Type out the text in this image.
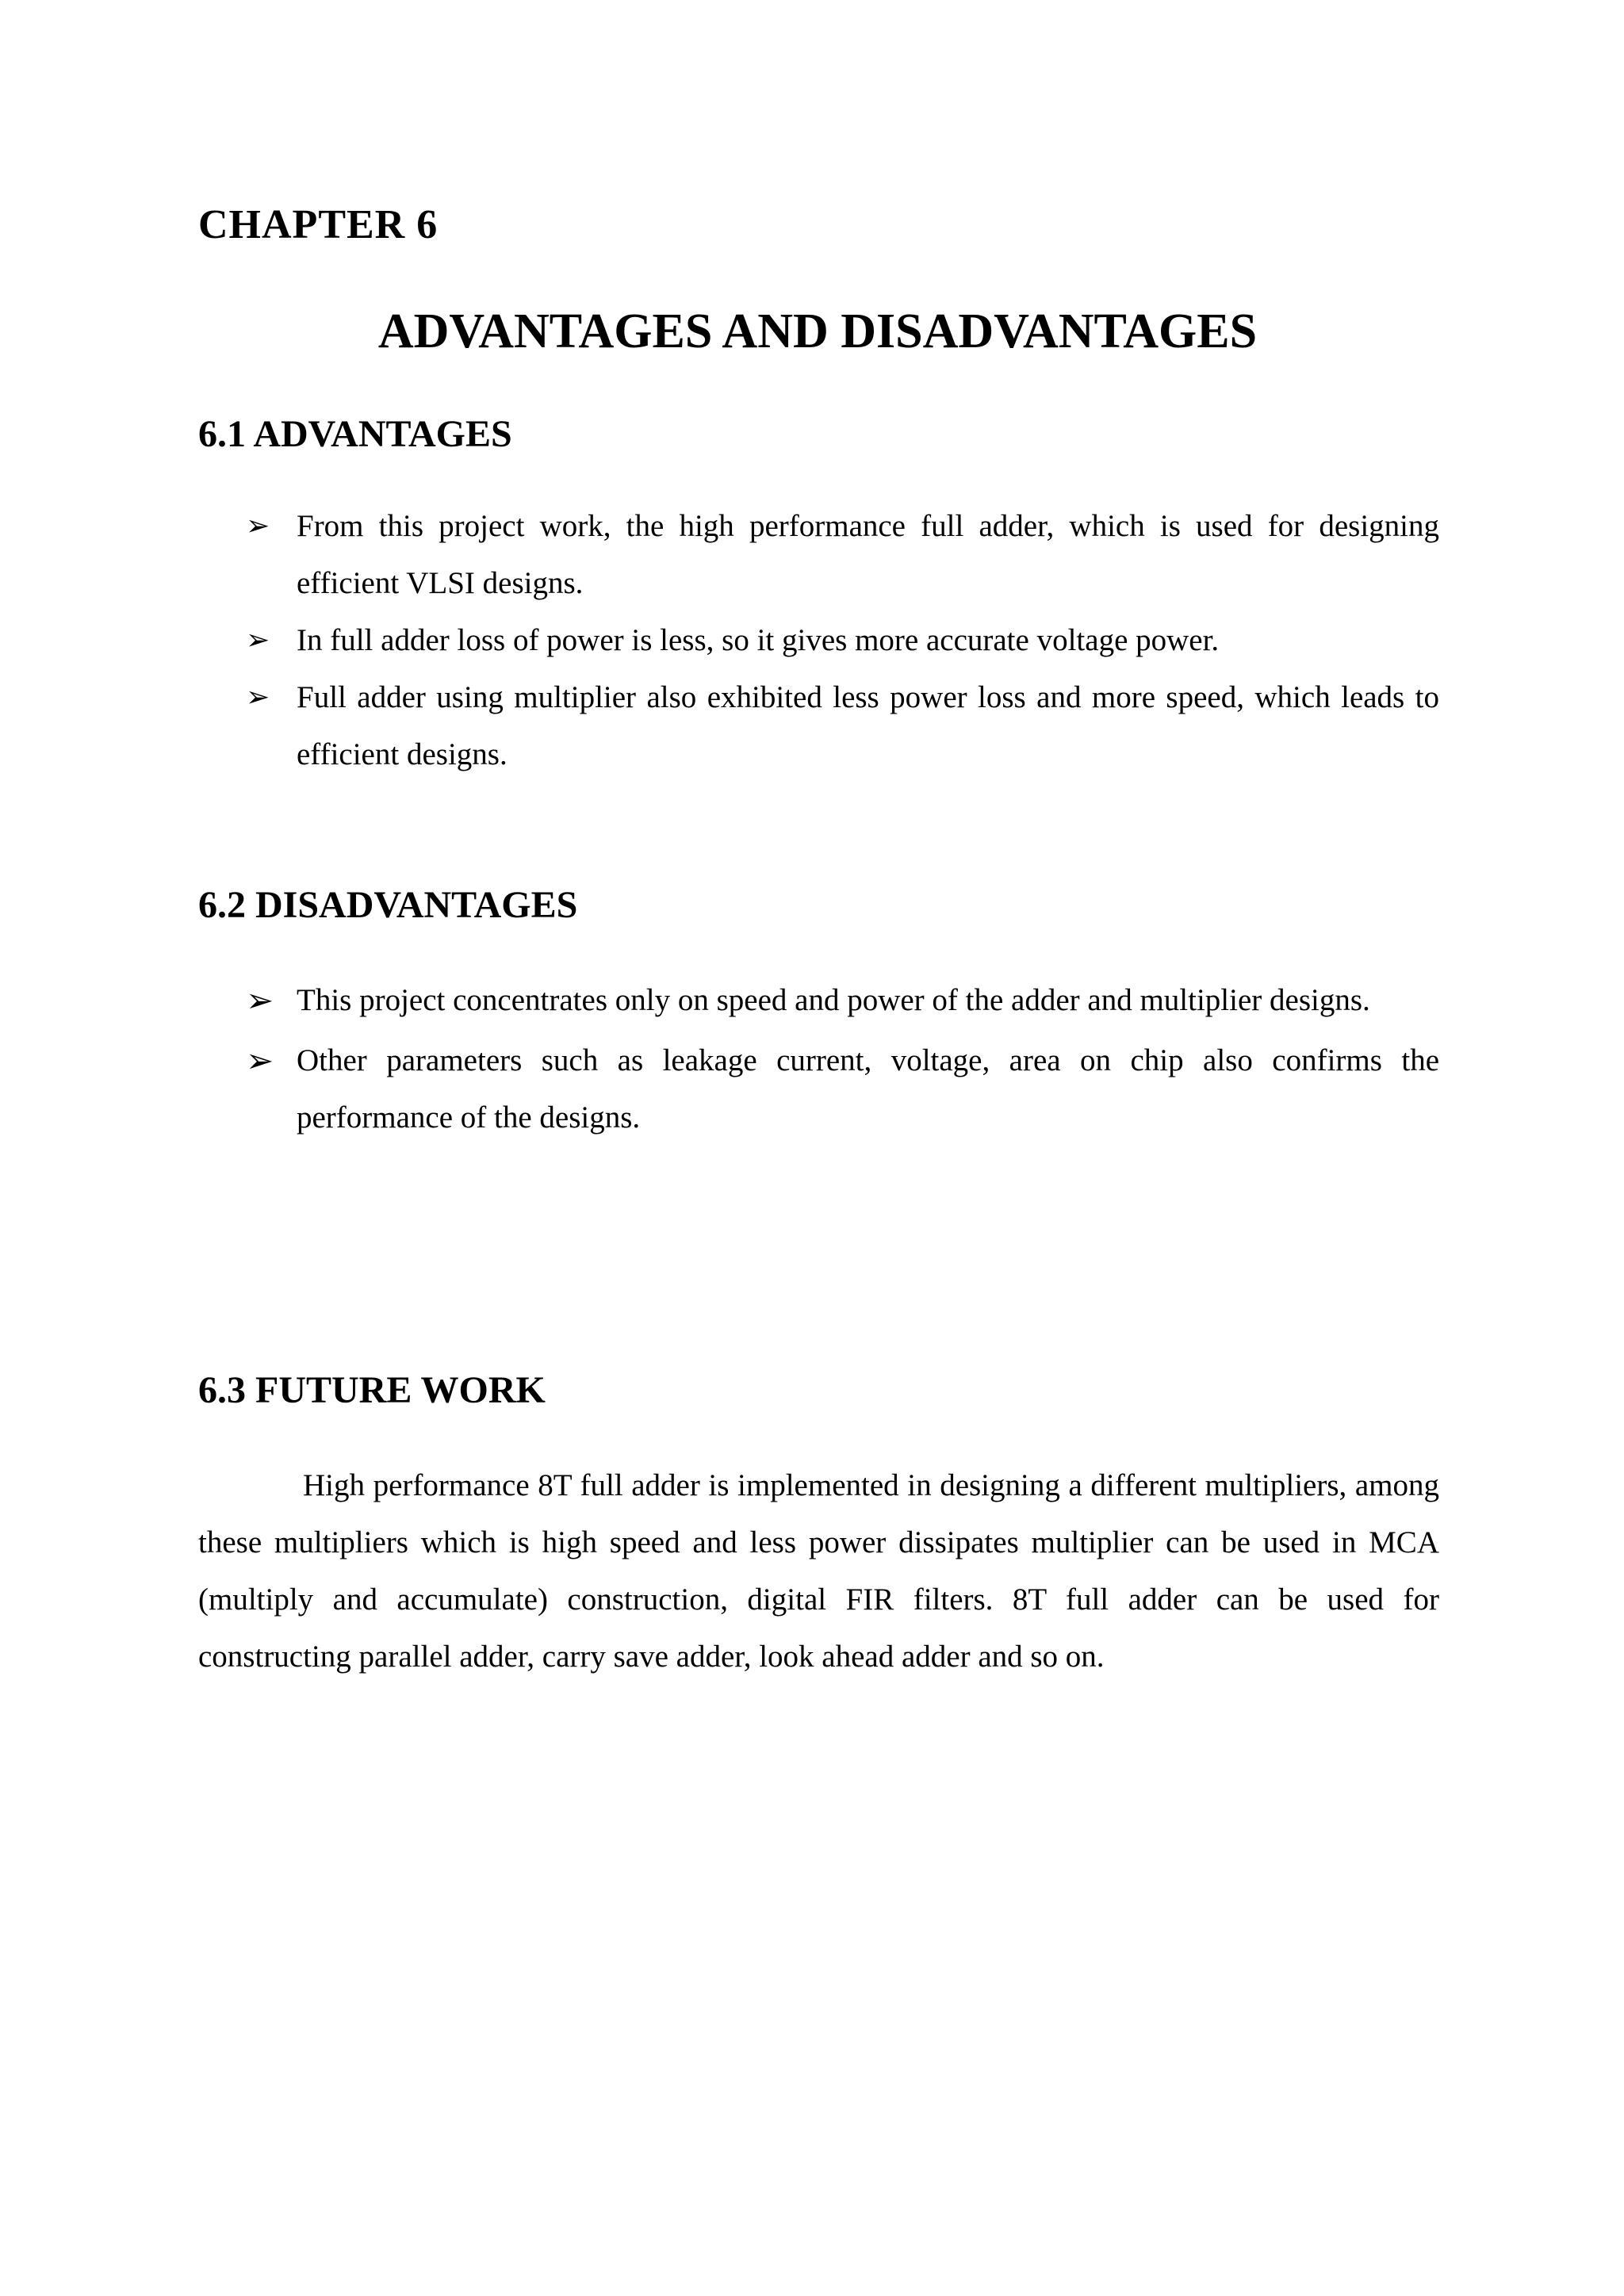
CHAPTER 6
ADVANTAGES AND DISADVANTAGES
6.1 ADVANTAGES
➢ From this project work, the high performance full adder, which is used for designing efficient VLSI designs.
➢ In full adder loss of power is less, so it gives more accurate voltage power.
➢ Full adder using multiplier also exhibited less power loss and more speed, which leads to efficient designs.
6.2 DISADVANTAGES
➢ This project concentrates only on speed and power of the adder and multiplier designs.
➢ Other parameters such as leakage current, voltage, area on chip also confirms the performance of the designs.
6.3 FUTURE WORK

High performance 8T full adder is implemented in designing a different multipliers, among these multipliers which is high speed and less power dissipates multiplier can be used in MCA (multiply and accumulate) construction, digital FIR filters. 8T full adder can be used for constructing parallel adder, carry save adder, look ahead adder and so on.
